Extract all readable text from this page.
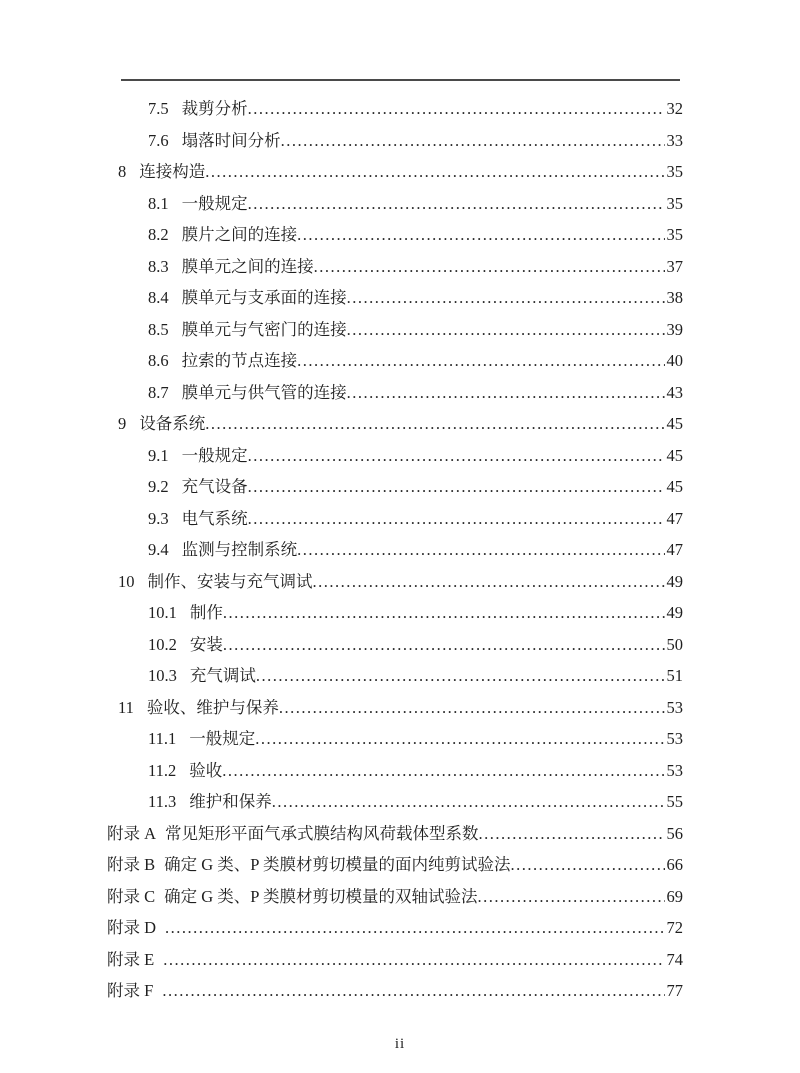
7.5 裁剪分析 .....	32
7.6 塌落时间分析 .....	33
8 连接构造 .....	35
8.1 一般规定 .....	35
8.2 膜片之间的连接 .....	35
8.3 膜单元之间的连接 .....	37
8.4 膜单元与支承面的连接 .....	38
8.5 膜单元与气密门的连接 .....	39
8.6 拉索的节点连接 .....	40
8.7 膜单元与供气管的连接 .....	43
9 设备系统 .....	45
9.1 一般规定 .....	45
9.2 充气设备 .....	45
9.3 电气系统 .....	47
9.4 监测与控制系统 .....	47
10 制作、安装与充气调试 .....	49
10.1 制作 .....	49
10.2 安装 .....	50
10.3 充气调试 .....	51
11 验收、维护与保养 .....	53
11.1 一般规定 .....	53
11.2 验收 .....	53
11.3 维护和保养 .....	55
附录 A 常见矩形平面气承式膜结构风荷载体型系数 .....	56
附录 B 确定 G 类、P 类膜材剪切模量的面内纯剪试验法 .....	66
附录 C 确定 G 类、P 类膜材剪切模量的双轴试验法 .....	69
附录 D .....	72
附录 E .....	74
附录 F .....	77
ii
